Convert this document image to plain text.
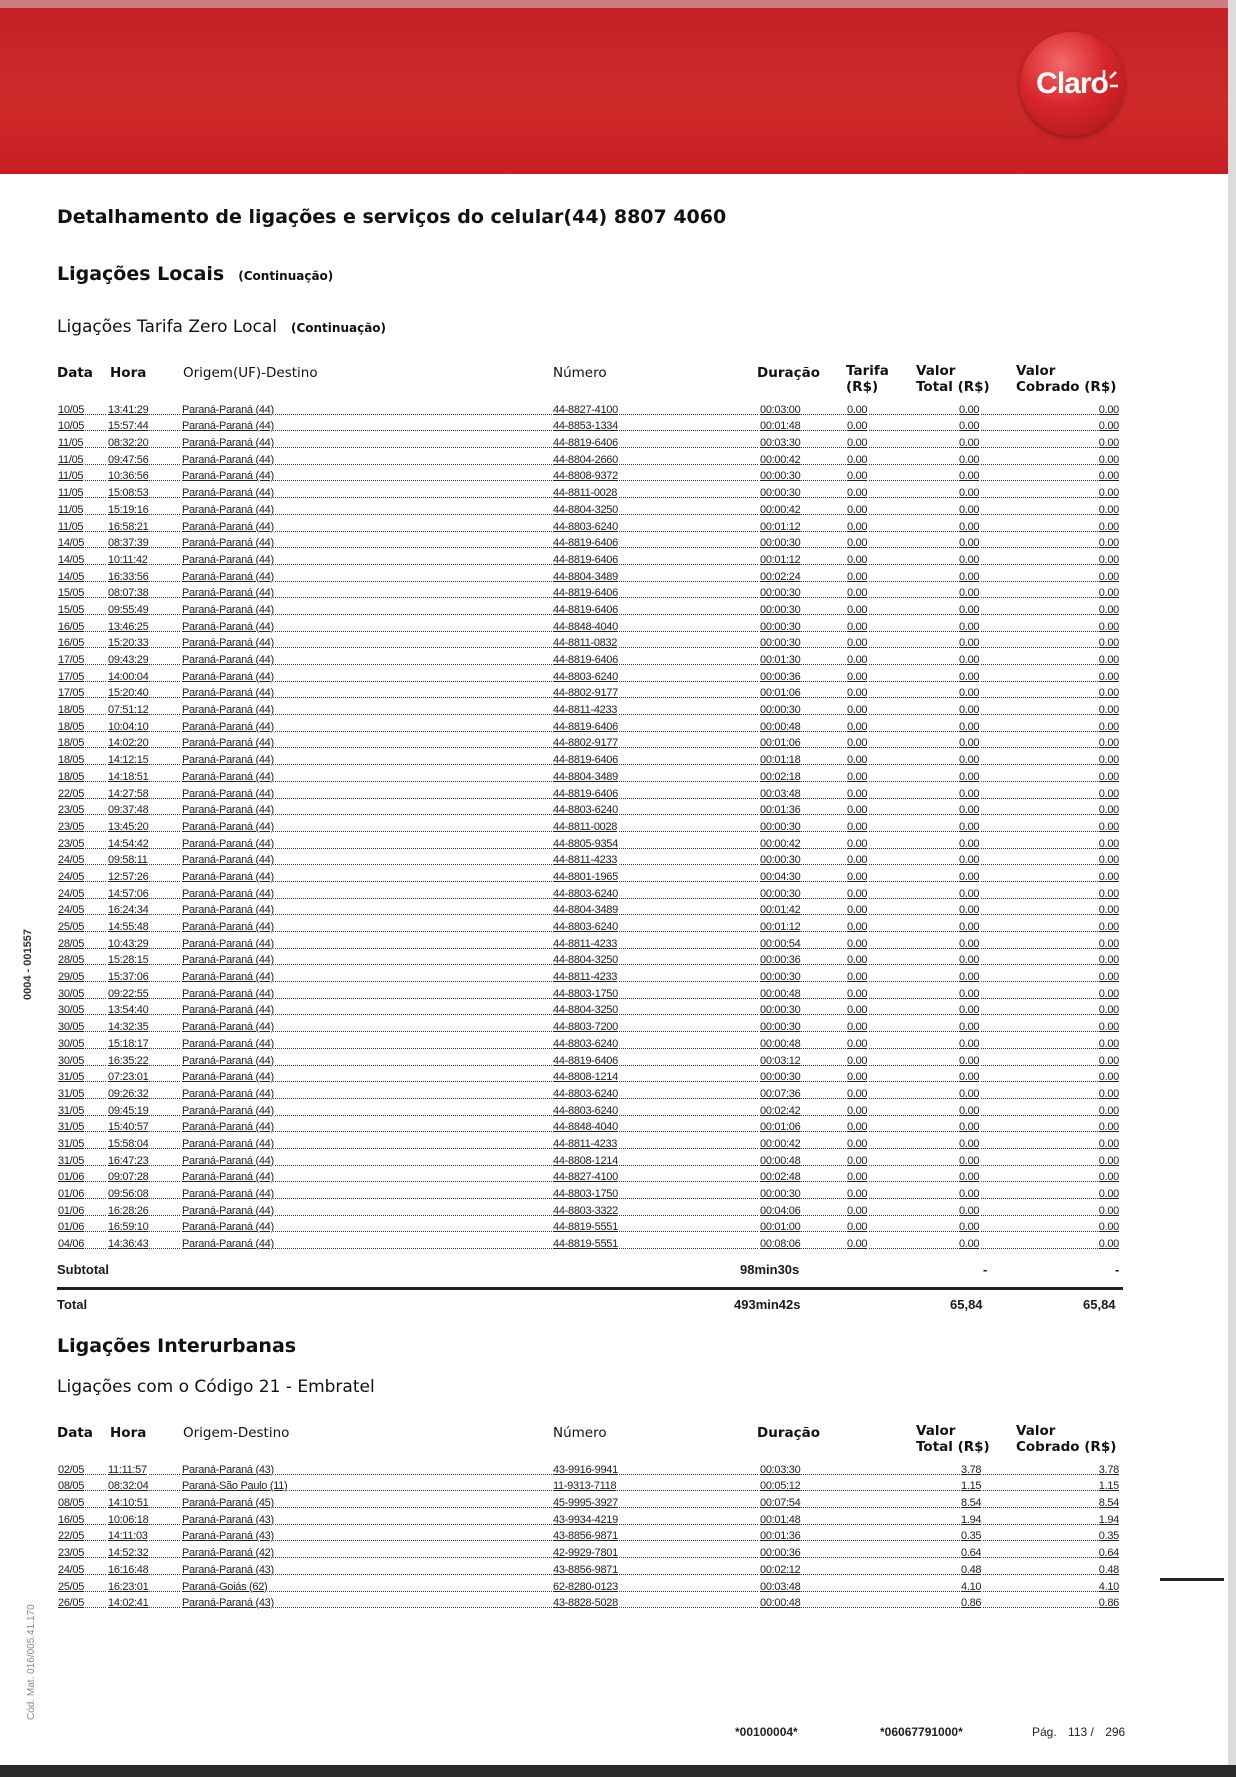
Claro
0004 - 001557
Cód. Mat. 016/005.41.170
Detalhamento de ligações e serviços do celular(44) 8807 4060
Ligações Locais (Continuação)
Ligações Tarifa Zero Local (Continuação)
Data Hora	Origem(UF)-Destino	Número	Duração Tarifa
(R$)
Valor
Total (R$)
Valor
Cobrado (R$)
10/05 13:41:29	Paraná-Paraná (44)	44-8827-4100	00:03:00	0.00	0.00	0.00
10/05 15:57:44	Paraná-Paraná (44)	44-8853-1334	00:01:48	0.00	0.00	0.00
11/05 08:32:20	Paraná-Paraná (44)	44-8819-6406	00:03:30	0.00	0.00	0.00
11/05 09:47:56	Paraná-Paraná (44)	44-8804-2660	00:00:42	0.00	0.00	0.00
11/05 10:36:56	Paraná-Paraná (44)	44-8808-9372	00:00:30	0.00	0.00	0.00
11/05 15:08:53	Paraná-Paraná (44)	44-8811-0028	00:00:30	0.00	0.00	0.00
11/05 15:19:16	Paraná-Paraná (44)	44-8804-3250	00:00:42	0.00	0.00	0.00
11/05 16:58:21	Paraná-Paraná (44)	44-8803-6240	00:01:12	0.00	0.00	0.00
14/05 08:37:39	Paraná-Paraná (44)	44-8819-6406	00:00:30	0.00	0.00	0.00
14/05 10:11:42	Paraná-Paraná (44)	44-8819-6406	00:01:12	0.00	0.00	0.00
14/05 16:33:56	Paraná-Paraná (44)	44-8804-3489	00:02:24	0.00	0.00	0.00
15/05 08:07:38	Paraná-Paraná (44)	44-8819-6406	00:00:30	0.00	0.00	0.00
15/05 09:55:49	Paraná-Paraná (44)	44-8819-6406	00:00:30	0.00	0.00	0.00
16/05 13:46:25	Paraná-Paraná (44)	44-8848-4040	00:00:30	0.00	0.00	0.00
16/05 15:20:33	Paraná-Paraná (44)	44-8811-0832	00:00:30	0.00	0.00	0.00
17/05 09:43:29	Paraná-Paraná (44)	44-8819-6406	00:01:30	0.00	0.00	0.00
17/05 14:00:04	Paraná-Paraná (44)	44-8803-6240	00:00:36	0.00	0.00	0.00
17/05 15:20:40	Paraná-Paraná (44)	44-8802-9177	00:01:06	0.00	0.00	0.00
18/05 07:51:12	Paraná-Paraná (44)	44-8811-4233	00:00:30	0.00	0.00	0.00
18/05 10:04:10	Paraná-Paraná (44)	44-8819-6406	00:00:48	0.00	0.00	0.00
18/05 14:02:20	Paraná-Paraná (44)	44-8802-9177	00:01:06	0.00	0.00	0.00
18/05 14:12:15	Paraná-Paraná (44)	44-8819-6406	00:01:18	0.00	0.00	0.00
18/05 14:18:51	Paraná-Paraná (44)	44-8804-3489	00:02:18	0.00	0.00	0.00
22/05 14:27:58	Paraná-Paraná (44)	44-8819-6406	00:03:48	0.00	0.00	0.00
23/05 09:37:48	Paraná-Paraná (44)	44-8803-6240	00:01:36	0.00	0.00	0.00
23/05 13:45:20	Paraná-Paraná (44)	44-8811-0028	00:00:30	0.00	0.00	0.00
23/05 14:54:42	Paraná-Paraná (44)	44-8805-9354	00:00:42	0.00	0.00	0.00
24/05 09:58:11	Paraná-Paraná (44)	44-8811-4233	00:00:30	0.00	0.00	0.00
24/05 12:57:26	Paraná-Paraná (44)	44-8801-1965	00:04:30	0.00	0.00	0.00
24/05 14:57:06	Paraná-Paraná (44)	44-8803-6240	00:00:30	0.00	0.00	0.00
24/05 16:24:34	Paraná-Paraná (44)	44-8804-3489	00:01:42	0.00	0.00	0.00
25/05 14:55:48	Paraná-Paraná (44)	44-8803-6240	00:01:12	0.00	0.00	0.00
28/05 10:43:29	Paraná-Paraná (44)	44-8811-4233	00:00:54	0.00	0.00	0.00
28/05 15:28:15	Paraná-Paraná (44)	44-8804-3250	00:00:36	0.00	0.00	0.00
29/05 15:37:06	Paraná-Paraná (44)	44-8811-4233	00:00:30	0.00	0.00	0.00
30/05 09:22:55	Paraná-Paraná (44)	44-8803-1750	00:00:48	0.00	0.00	0.00
30/05 13:54:40	Paraná-Paraná (44)	44-8804-3250	00:00:30	0.00	0.00	0.00
30/05 14:32:35	Paraná-Paraná (44)	44-8803-7200	00:00:30	0.00	0.00	0.00
30/05 15:18:17	Paraná-Paraná (44)	44-8803-6240	00:00:48	0.00	0.00	0.00
30/05 16:35:22	Paraná-Paraná (44)	44-8819-6406	00:03:12	0.00	0.00	0.00
31/05 07:23:01	Paraná-Paraná (44)	44-8808-1214	00:00:30	0.00	0.00	0.00
31/05 09:26:32	Paraná-Paraná (44)	44-8803-6240	00:07:36	0.00	0.00	0.00
31/05 09:45:19	Paraná-Paraná (44)	44-8803-6240	00:02:42	0.00	0.00	0.00
31/05 15:40:57	Paraná-Paraná (44)	44-8848-4040	00:01:06	0.00	0.00	0.00
31/05 15:58:04	Paraná-Paraná (44)	44-8811-4233	00:00:42	0.00	0.00	0.00
31/05 16:47:23	Paraná-Paraná (44)	44-8808-1214	00:00:48	0.00	0.00	0.00
01/06 09:07:28	Paraná-Paraná (44)	44-8827-4100	00:02:48	0.00	0.00	0.00
01/06 09:56:08	Paraná-Paraná (44)	44-8803-1750	00:00:30	0.00	0.00	0.00
01/06 16:28:26	Paraná-Paraná (44)	44-8803-3322	00:04:06	0.00	0.00	0.00
01/06 16:59:10	Paraná-Paraná (44)	44-8819-5551	00:01:00	0.00	0.00	0.00
04/06 14:36:43	Paraná-Paraná (44)	44-8819-5551	00:08:06	0.00	0.00	0.00
Subtotal	98min30s	-	-
Total	493min42s	65,84	65,84
Ligações Interurbanas
Ligações com o Código 21 - Embratel
Data Hora	Origem-Destino	Número	Duração	Valor
Total (R$)
Valor
Cobrado (R$)
02/05 11:11:57	Paraná-Paraná (43)	43-9916-9941	00:03:30	3.78	3.78
08/05 08:32:04	Paraná-São Paulo (11)	11-9313-7118	00:05:12	1.15	1.15
08/05 14:10:51	Paraná-Paraná (45)	45-9995-3927	00:07:54	8.54	8.54
16/05 10:06:18	Paraná-Paraná (43)	43-9934-4219	00:01:48	1.94	1.94
22/05 14:11:03	Paraná-Paraná (43)	43-8856-9871	00:01:36	0.35	0.35
23/05 14:52:32	Paraná-Paraná (42)	42-9929-7801	00:00:36	0.64	0.64
24/05 16:16:48	Paraná-Paraná (43)	43-8856-9871	00:02:12	0.48	0.48
25/05 16:23:01	Paraná-Goiás (62)	62-8280-0123	00:03:48	4.10	4.10
26/05 14:02:41	Paraná-Paraná (43)	43-8828-5028	00:00:48	0.86	0.86
*00100004*	*06067791000*	Pág. 113 / 296
